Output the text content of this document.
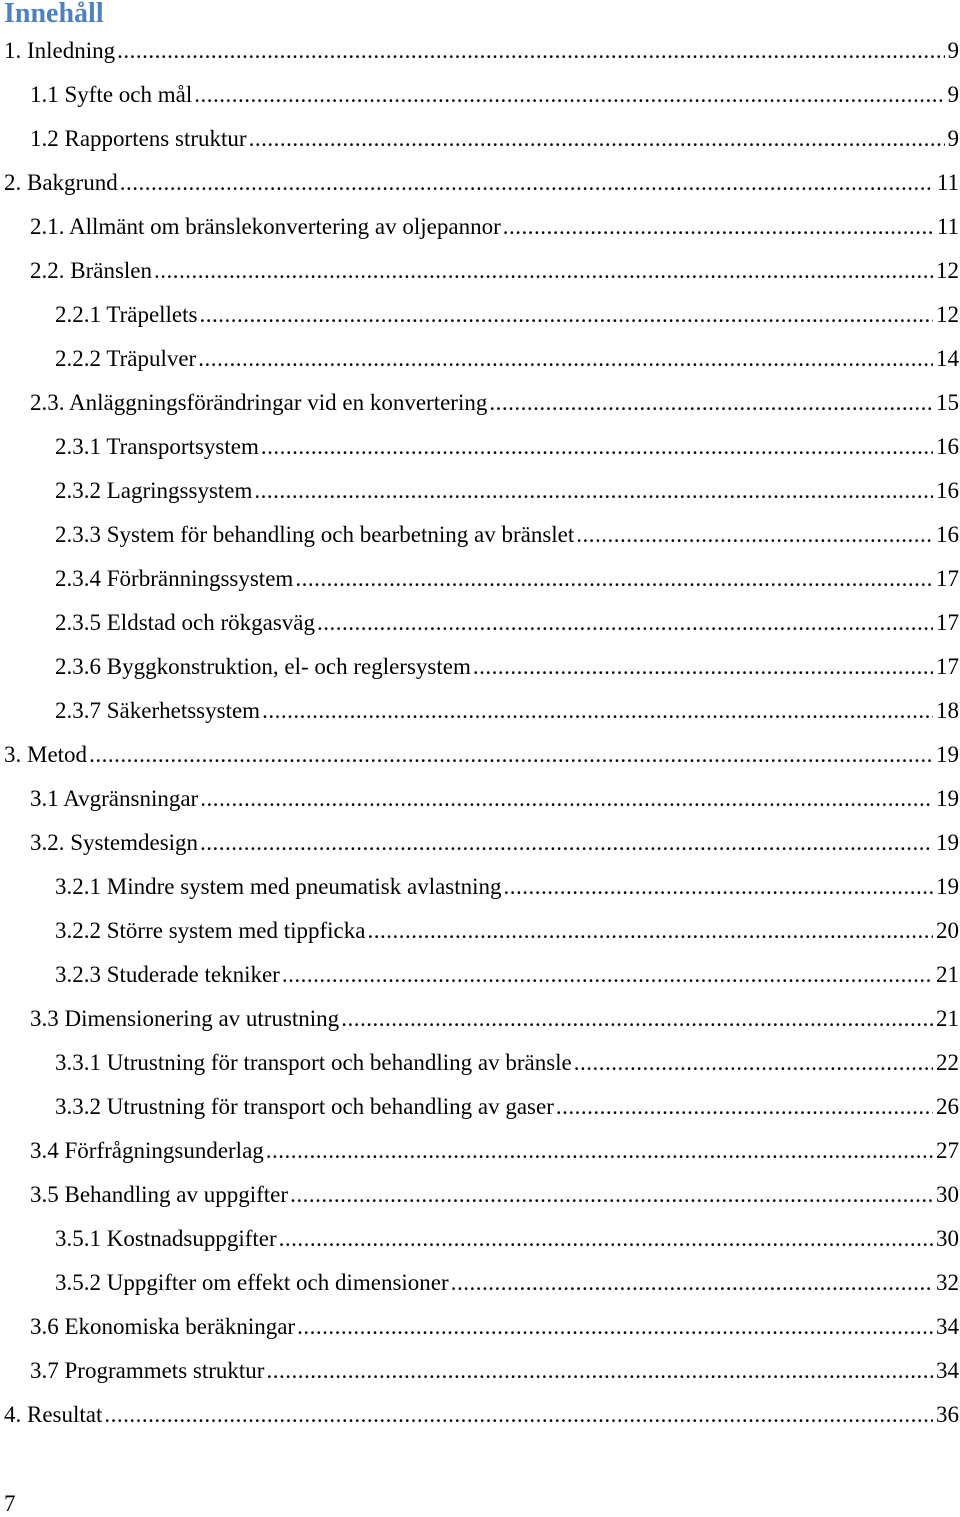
Innehåll
1. Inledning .....	9
1.1 Syfte och mål .....	9
1.2 Rapportens struktur .....	9
2. Bakgrund .....	11
2.1. Allmänt om bränslekonvertering av oljepannor .....	11
2.2. Bränslen .....	12
2.2.1 Träpellets .....	12
2.2.2 Träpulver .....	14
2.3. Anläggningsförändringar vid en konvertering .....	15
2.3.1 Transportsystem .....	16
2.3.2 Lagringssystem .....	16
2.3.3 System för behandling och bearbetning av bränslet .....	16
2.3.4 Förbränningssystem .....	17
2.3.5 Eldstad och rökgasväg .....	17
2.3.6 Byggkonstruktion, el- och reglersystem .....	17
2.3.7 Säkerhetssystem .....	18
3. Metod .....	19
3.1 Avgränsningar .....	19
3.2. Systemdesign .....	19
3.2.1 Mindre system med pneumatisk avlastning .....	19
3.2.2 Större system med tippficka .....	20
3.2.3 Studerade tekniker .....	21
3.3 Dimensionering av utrustning .....	21
3.3.1 Utrustning för transport och behandling av bränsle .....	22
3.3.2 Utrustning för transport och behandling av gaser .....	26
3.4 Förfrågningsunderlag .....	27
3.5 Behandling av uppgifter .....	30
3.5.1 Kostnadsuppgifter .....	30
3.5.2 Uppgifter om effekt och dimensioner .....	32
3.6 Ekonomiska beräkningar .....	34
3.7 Programmets struktur .....	34
4. Resultat .....	36
7
